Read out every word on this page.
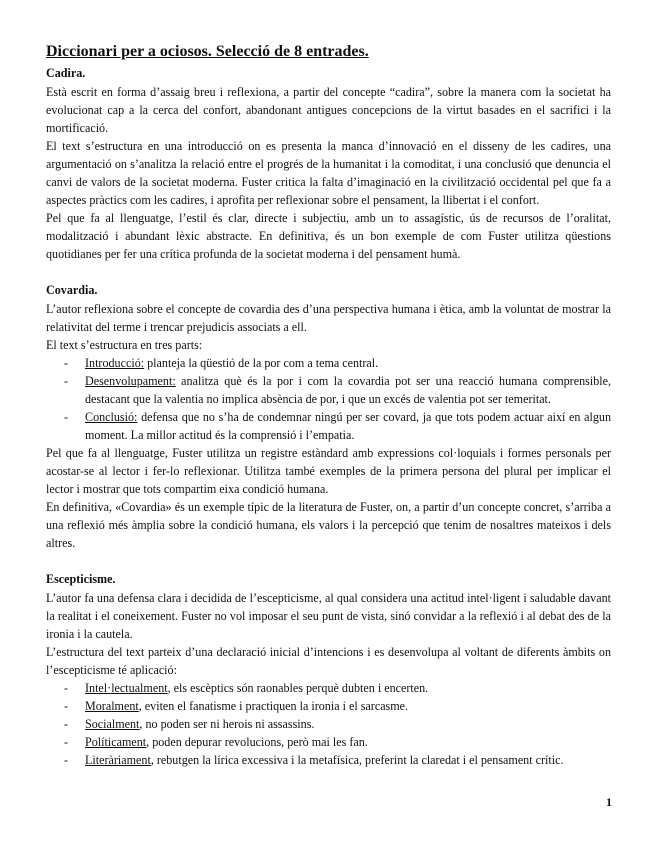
Diccionari per a ociosos. Selecció de 8 entrades.
Cadira.

Està escrit en forma d’assaig breu i reflexiona, a partir del concepte “cadira”, sobre la manera com la societat ha evolucionat cap a la cerca del confort, abandonant antigues concepcions de la virtut basades en el sacrifici i la mortificació.

El text s’estructura en una introducció on es presenta la manca d’innovació en el disseny de les cadires, una argumentació on s’analitza la relació entre el progrés de la humanitat i la comoditat, i una conclusió que denuncia el canvi de valors de la societat moderna. Fuster critica la falta d’imaginació en la civilització occidental pel que fa a aspectes pràctics com les cadires, i aprofita per reflexionar sobre el pensament, la llibertat i el confort.

Pel que fa al llenguatge, l’estil és clar, directe i subjectiu, amb un to assagístic, ús de recursos de l’oralitat, modalització i abundant lèxic abstracte. En definitiva, és un bon exemple de com Fuster utilitza qüestions quotidianes per fer una crítica profunda de la societat moderna i del pensament humà.

Covardia.

L’autor reflexiona sobre el concepte de covardia des d’una perspectiva humana i ètica, amb la voluntat de mostrar la relativitat del terme i trencar prejudicis associats a ell.

El text s’estructura en tres parts:

- Introducció: planteja la qüestió de la por com a tema central.
- Desenvolupament: analitza què és la por i com la covardia pot ser una reacció humana comprensible, destacant que la valentia no implica absència de por, i que un excés de valentia pot ser temeritat.
- Conclusió: defensa que no s’ha de condemnar ningú per ser covard, ja que tots podem actuar així en algun moment. La millor actitud és la comprensió i l’empatia.

Pel que fa al llenguatge, Fuster utilitza un registre estàndard amb expressions col·loquials i formes personals per acostar-se al lector i fer-lo reflexionar. Utilitza també exemples de la primera persona del plural per implicar el lector i mostrar que tots compartim eixa condició humana.

En definitiva, «Covardia» és un exemple típic de la literatura de Fuster, on, a partir d’un concepte concret, s’arriba a una reflexió més àmplia sobre la condició humana, els valors i la percepció que tenim de nosaltres mateixos i dels altres.

Escepticisme.

L’autor fa una defensa clara i decidida de l’escepticisme, al qual considera una actitud intel·ligent i saludable davant la realitat i el coneixement. Fuster no vol imposar el seu punt de vista, sinó convidar a la reflexió i al debat des de la ironia i la cautela.

L’estructura del text parteix d’una declaració inicial d’intencions i es desenvolupa al voltant de diferents àmbits on l’escepticisme té aplicació:

- Intel·lectualment, els escèptics són raonables perquè dubten i encerten.
- Moralment, eviten el fanatisme i practiquen la ironia i el sarcasme.
- Socialment, no poden ser ni herois ni assassins.
- Políticament, poden depurar revolucions, però mai les fan.
- Literàriament, rebutgen la lírica excessiva i la metafísica, preferint la claredat i el pensament crític.
1
